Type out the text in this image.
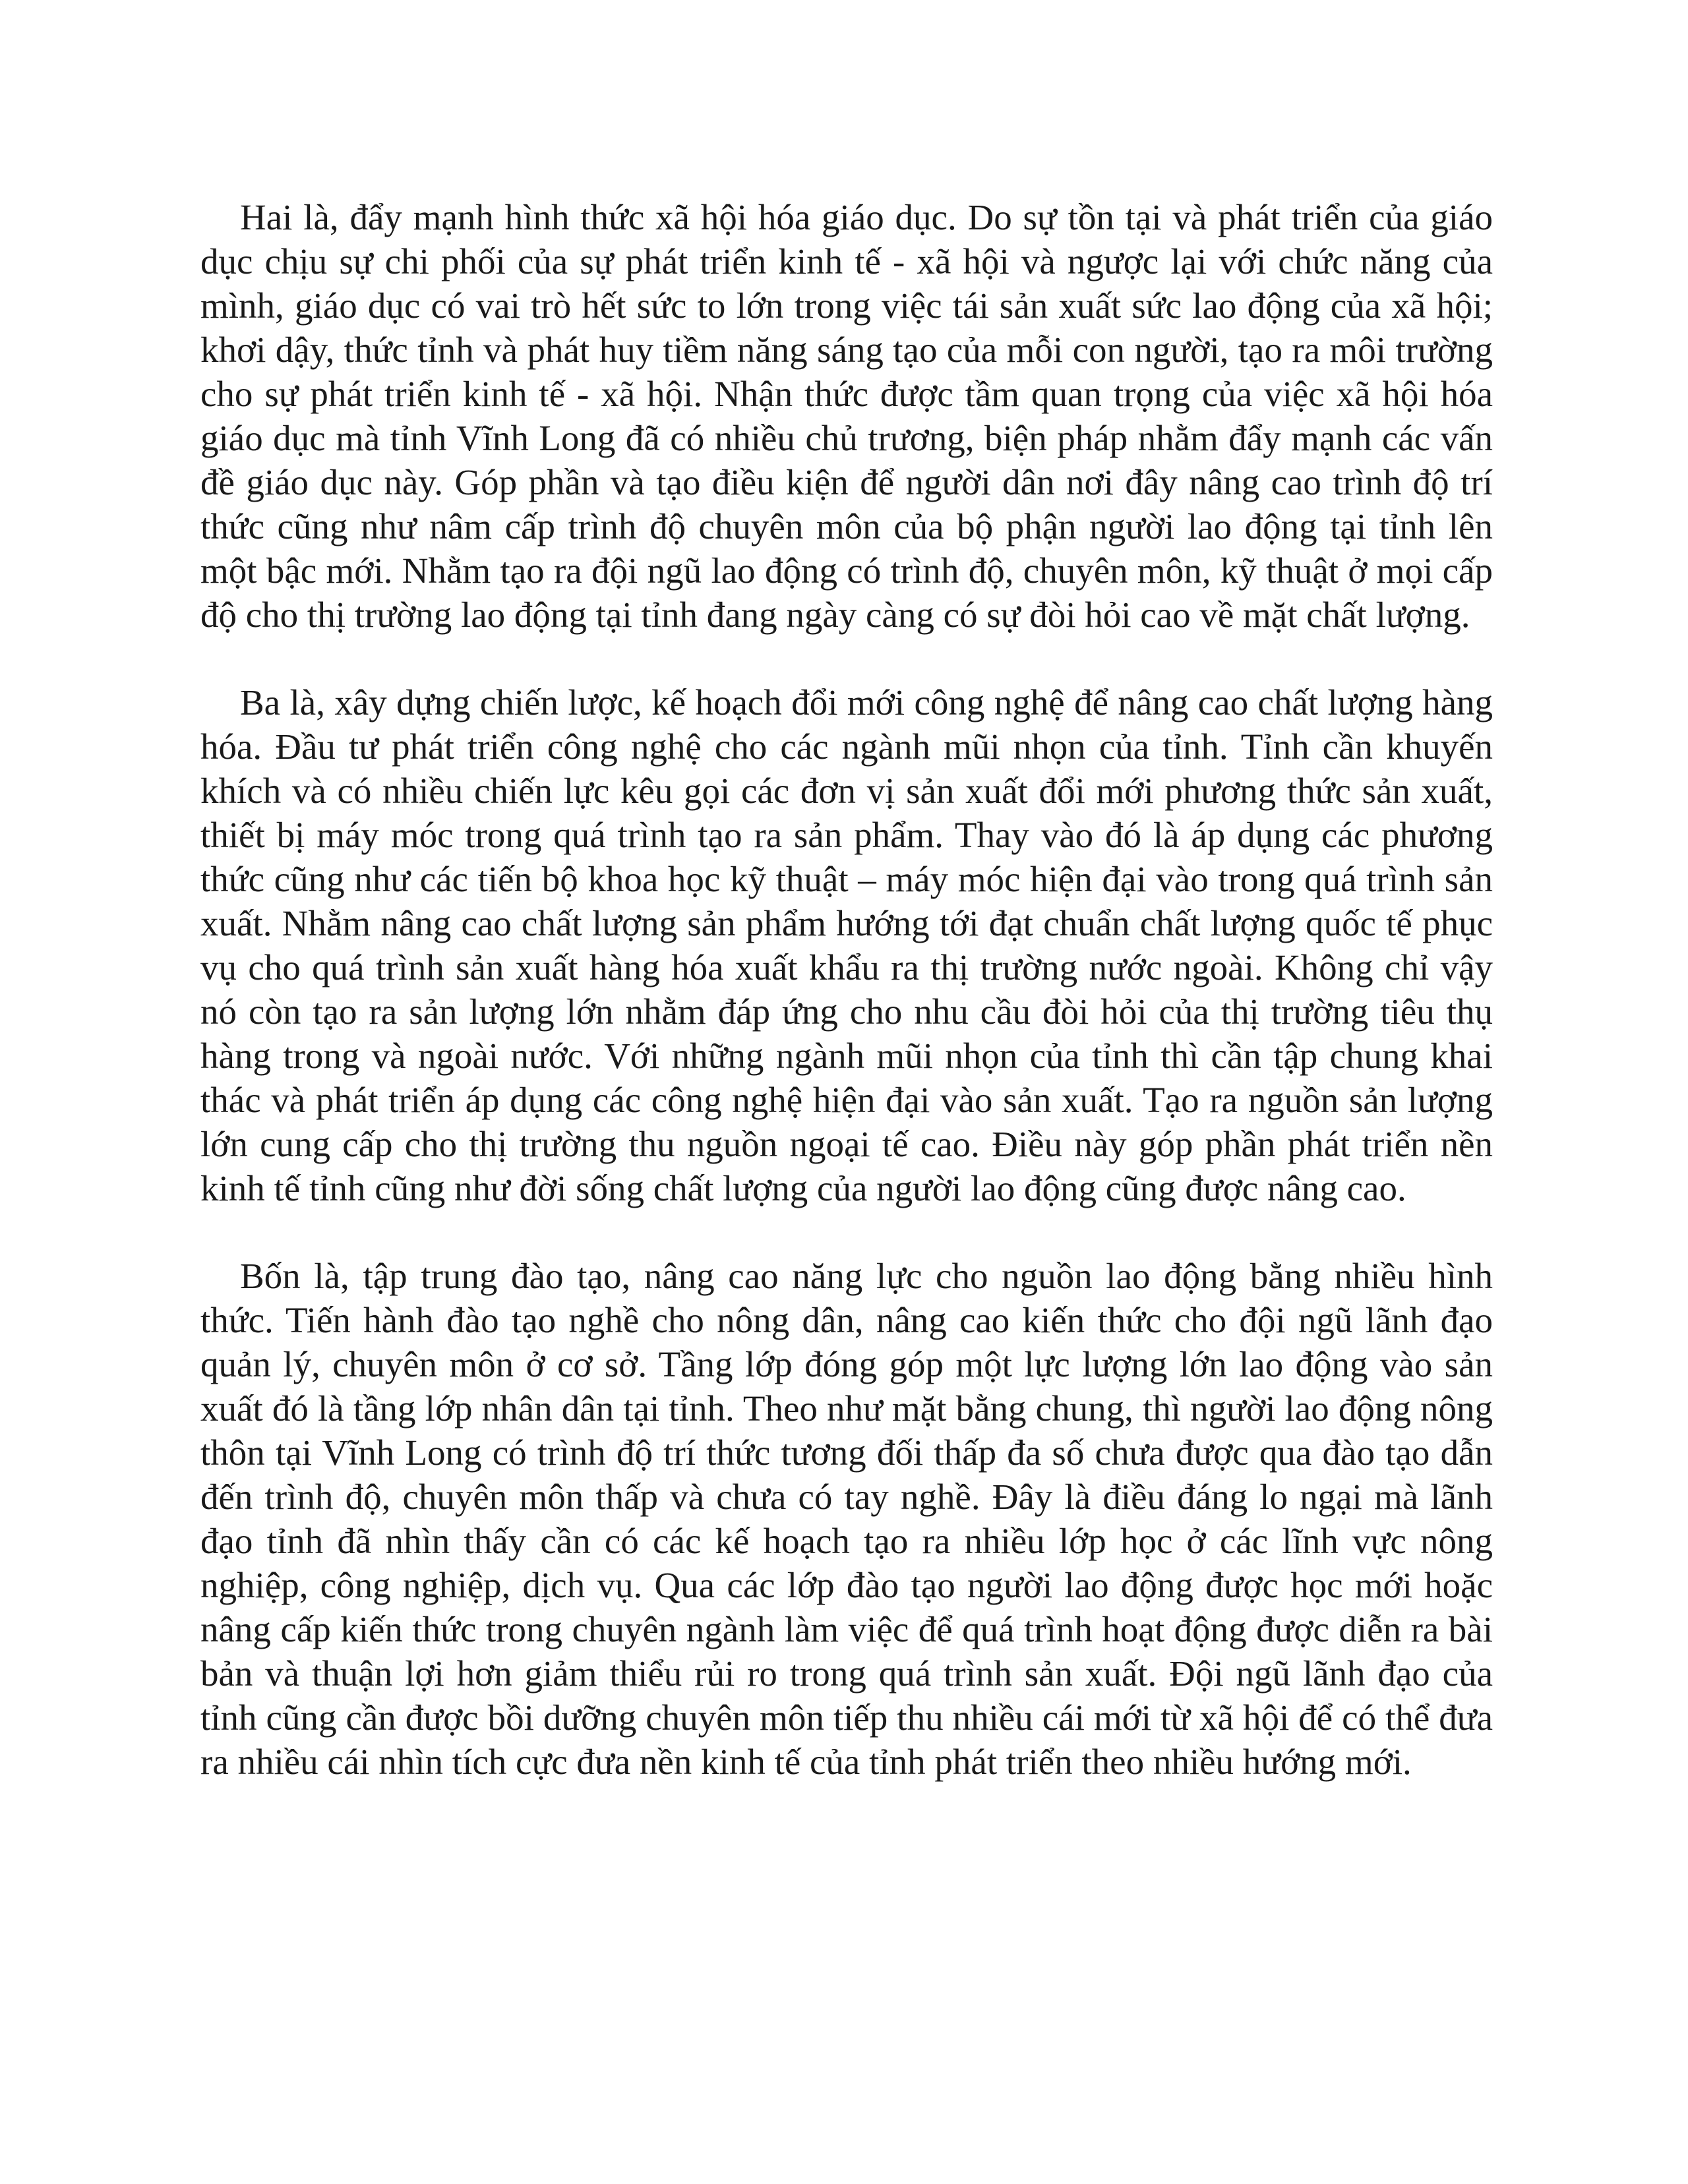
Hai là, đẩy mạnh hình thức xã hội hóa giáo dục. Do sự tồn tại và phát triển của giáo dục chịu sự chi phối của sự phát triển kinh tế - xã hội và ngược lại với chức năng của mình, giáo dục có vai trò hết sức to lớn trong việc tái sản xuất sức lao động của xã hội; khơi dậy, thức tỉnh và phát huy tiềm năng sáng tạo của mỗi con người, tạo ra môi trường cho sự phát triển kinh tế - xã hội. Nhận thức được tầm quan trọng của việc xã hội hóa giáo dục mà tỉnh Vĩnh Long đã có nhiều chủ trương, biện pháp nhằm đẩy mạnh các vấn đề giáo dục này. Góp phần và tạo điều kiện để người dân nơi đây nâng cao trình độ trí thức cũng như nâm cấp trình độ chuyên môn của bộ phận người lao động tại tỉnh lên một bậc mới. Nhằm tạo ra đội ngũ lao động có trình độ, chuyên môn, kỹ thuật ở mọi cấp độ cho thị trường lao động tại tỉnh đang ngày càng có sự đòi hỏi cao về mặt chất lượng.

Ba là, xây dựng chiến lược, kế hoạch đổi mới công nghệ để nâng cao chất lượng hàng hóa. Đầu tư phát triển công nghệ cho các ngành mũi nhọn của tỉnh. Tỉnh cần khuyến khích và có nhiều chiến lực kêu gọi các đơn vị sản xuất đổi mới phương thức sản xuất, thiết bị máy móc trong quá trình tạo ra sản phẩm. Thay vào đó là áp dụng các phương thức cũng như các tiến bộ khoa học kỹ thuật – máy móc hiện đại vào trong quá trình sản xuất. Nhằm nâng cao chất lượng sản phẩm hướng tới đạt chuẩn chất lượng quốc tế phục vụ cho quá trình sản xuất hàng hóa xuất khẩu ra thị trường nước ngoài. Không chỉ vậy nó còn tạo ra sản lượng lớn nhằm đáp ứng cho nhu cầu đòi hỏi của thị trường tiêu thụ hàng trong và ngoài nước. Với những ngành mũi nhọn của tỉnh thì cần tập chung khai thác và phát triển áp dụng các công nghệ hiện đại vào sản xuất. Tạo ra nguồn sản lượng lớn cung cấp cho thị trường thu nguồn ngoại tế cao. Điều này góp phần phát triển nền kinh tế tỉnh cũng như đời sống chất lượng của người lao động cũng được nâng cao.

Bốn là, tập trung đào tạo, nâng cao năng lực cho nguồn lao động bằng nhiều hình thức. Tiến hành đào tạo nghề cho nông dân, nâng cao kiến thức cho đội ngũ lãnh đạo quản lý, chuyên môn ở cơ sở. Tầng lớp đóng góp một lực lượng lớn lao động vào sản xuất đó là tầng lớp nhân dân tại tỉnh. Theo như mặt bằng chung, thì người lao động nông thôn tại Vĩnh Long có trình độ trí thức tương đối thấp đa số chưa được qua đào tạo dẫn đến trình độ, chuyên môn thấp và chưa có tay nghề. Đây là điều đáng lo ngại mà lãnh đạo tỉnh đã nhìn thấy cần có các kế hoạch tạo ra nhiều lớp học ở các lĩnh vực nông nghiệp, công nghiệp, dịch vụ. Qua các lớp đào tạo người lao động được học mới hoặc nâng cấp kiến thức trong chuyên ngành làm việc để quá trình hoạt động được diễn ra bài bản và thuận lợi hơn giảm thiểu rủi ro trong quá trình sản xuất. Đội ngũ lãnh đạo của tỉnh cũng cần được bồi dưỡng chuyên môn tiếp thu nhiều cái mới từ xã hội để có thể đưa ra nhiều cái nhìn tích cực đưa nền kinh tế của tỉnh phát triển theo nhiều hướng mới.
